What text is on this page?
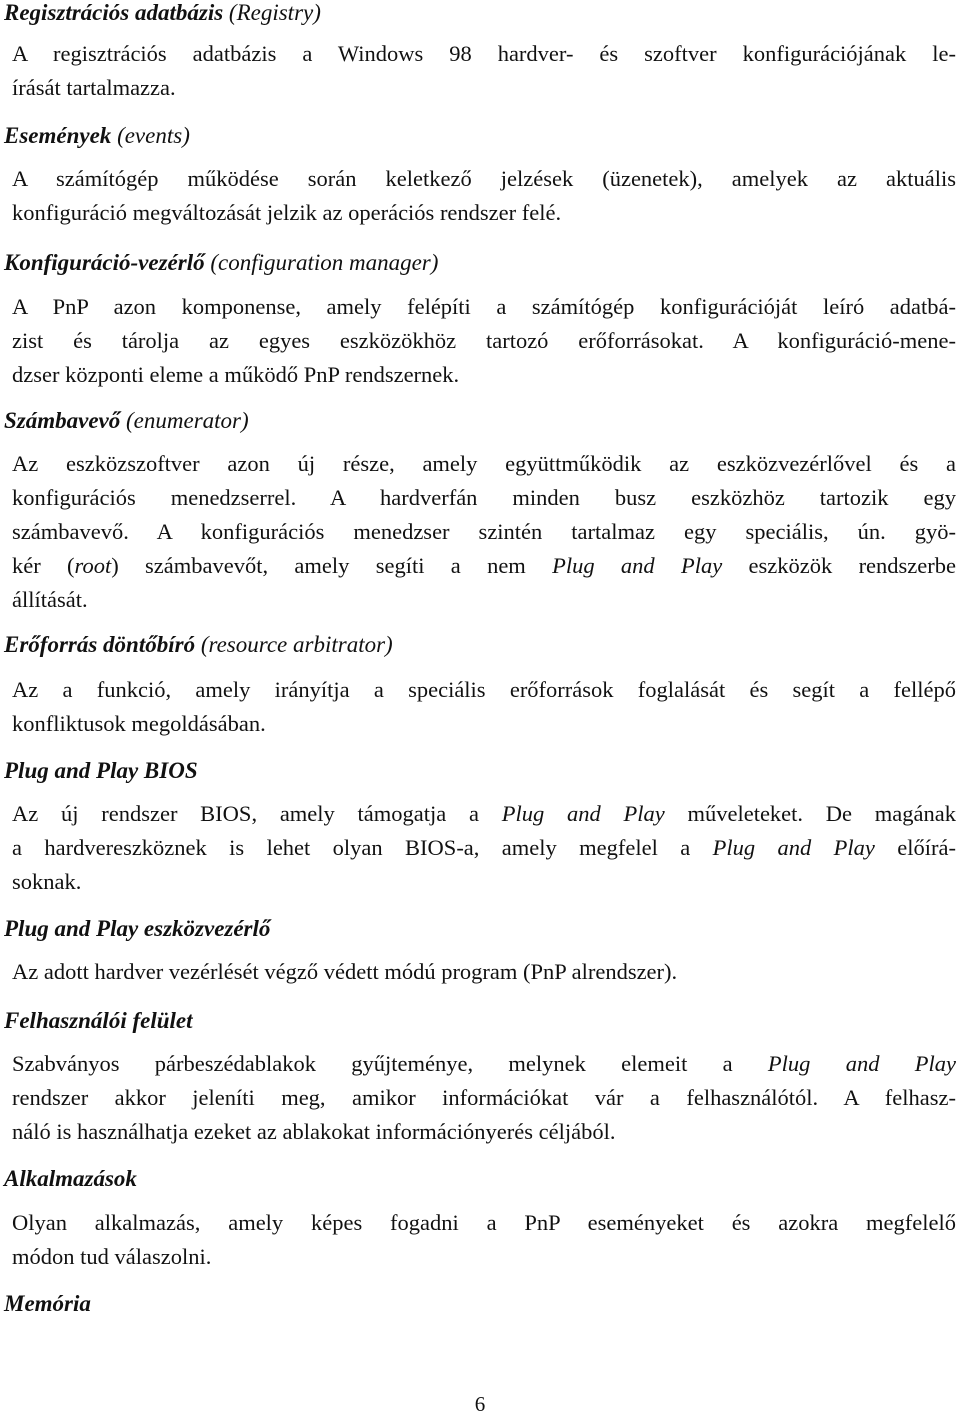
Regisztrációs adatbázis (Registry)
A regisztrációs adatbázis a Windows 98 hardver- és szoftver konfigurációjának le-
írását tartalmazza.
Események (events)
A számítógép működése során keletkező jelzések (üzenetek), amelyek az aktuális
konfiguráció megváltozását jelzik az operációs rendszer felé.
Konfiguráció-vezérlő (configuration manager)
A PnP azon komponense, amely felépíti a számítógép konfigurációját leíró adatbá-
zist és tárolja az egyes eszközökhöz tartozó erőforrásokat. A konfiguráció-mene-
dzser központi eleme a működő PnP rendszernek.
Számbavevő (enumerator)
Az eszközszoftver azon új része, amely együttműködik az eszközvezérlővel és a
konfigurációs menedzserrel. A hardverfán minden busz eszközhöz tartozik egy
számbavevő. A konfigurációs menedzser szintén tartalmaz egy speciális, ún. gyö-
kér (root) számbavevőt, amely segíti a nem Plug and Play eszközök rendszerbe
állítását.
Erőforrás döntőbíró (resource arbitrator)
Az a funkció, amely irányítja a speciális erőforrások foglalását és segít a fellépő
konfliktusok megoldásában.
Plug and Play BIOS
Az új rendszer BIOS, amely támogatja a Plug and Play műveleteket. De magának
a hardvereszköznek is lehet olyan BIOS-a, amely megfelel a Plug and Play előírá-
soknak.
Plug and Play eszközvezérlő
Az adott hardver vezérlését végző védett módú program (PnP alrendszer).
Felhasználói felület
Szabványos párbeszédablakok gyűjteménye, melynek elemeit a Plug and Play
rendszer akkor jeleníti meg, amikor információkat vár a felhasználótól. A felhasz-
náló is használhatja ezeket az ablakokat információnyerés céljából.
Alkalmazások
Olyan alkalmazás, amely képes fogadni a PnP eseményeket és azokra megfelelő
módon tud válaszolni.
Memória
6
